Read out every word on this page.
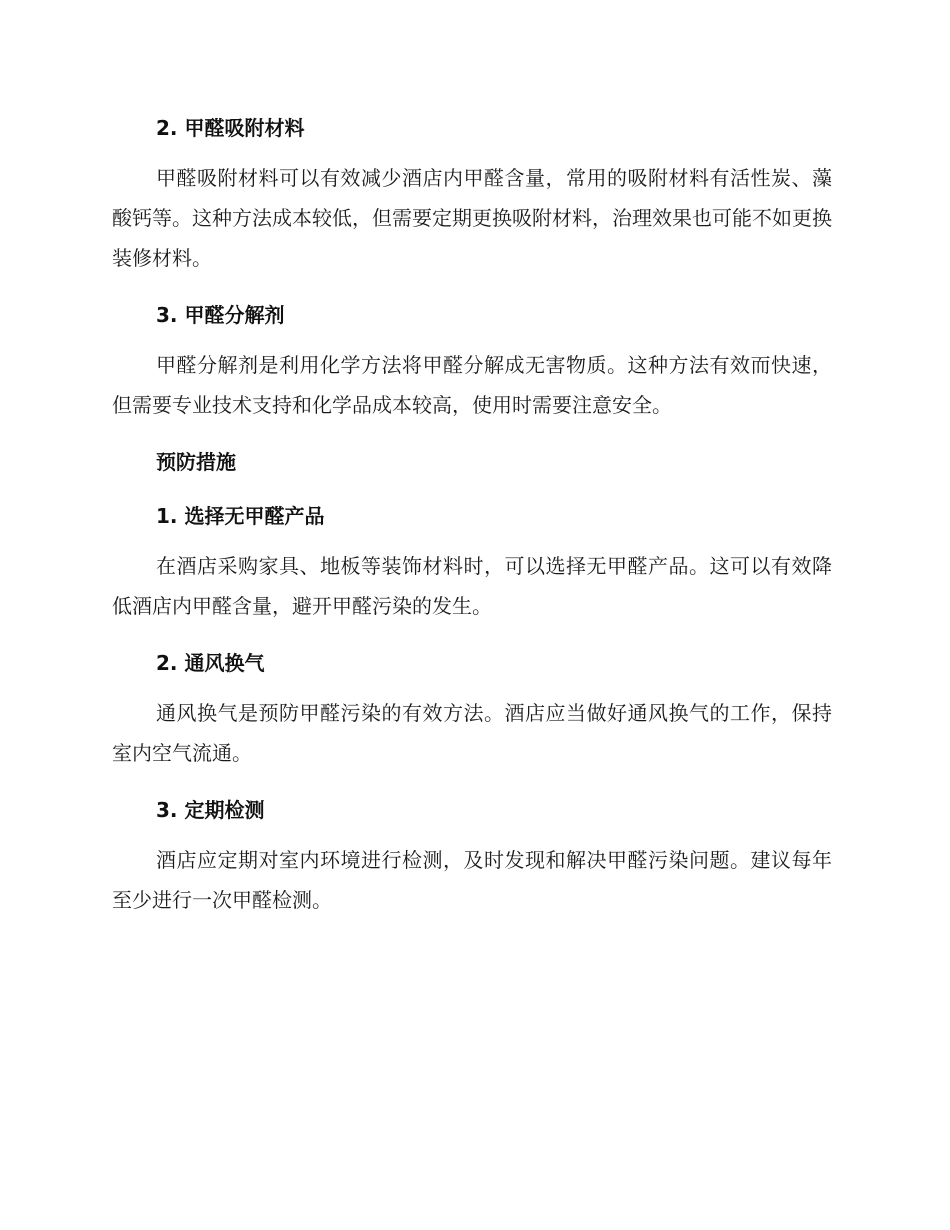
2. 甲醛吸附材料

甲醛吸附材料可以有效减少酒店内甲醛含量，常用的吸附材料有活性炭、藻酸钙等。这种方法成本较低，但需要定期更换吸附材料，治理效果也可能不如更换装修材料。

3. 甲醛分解剂

甲醛分解剂是利用化学方法将甲醛分解成无害物质。这种方法有效而快速，但需要专业技术支持和化学品成本较高，使用时需要注意安全。

预防措施
1. 选择无甲醛产品

在酒店采购家具、地板等装饰材料时，可以选择无甲醛产品。这可以有效降低酒店内甲醛含量，避开甲醛污染的发生。

2. 通风换气

通风换气是预防甲醛污染的有效方法。酒店应当做好通风换气的工作，保持室内空气流通。

3. 定期检测

酒店应定期对室内环境进行检测，及时发现和解决甲醛污染问题。建议每年至少进行一次甲醛检测。
